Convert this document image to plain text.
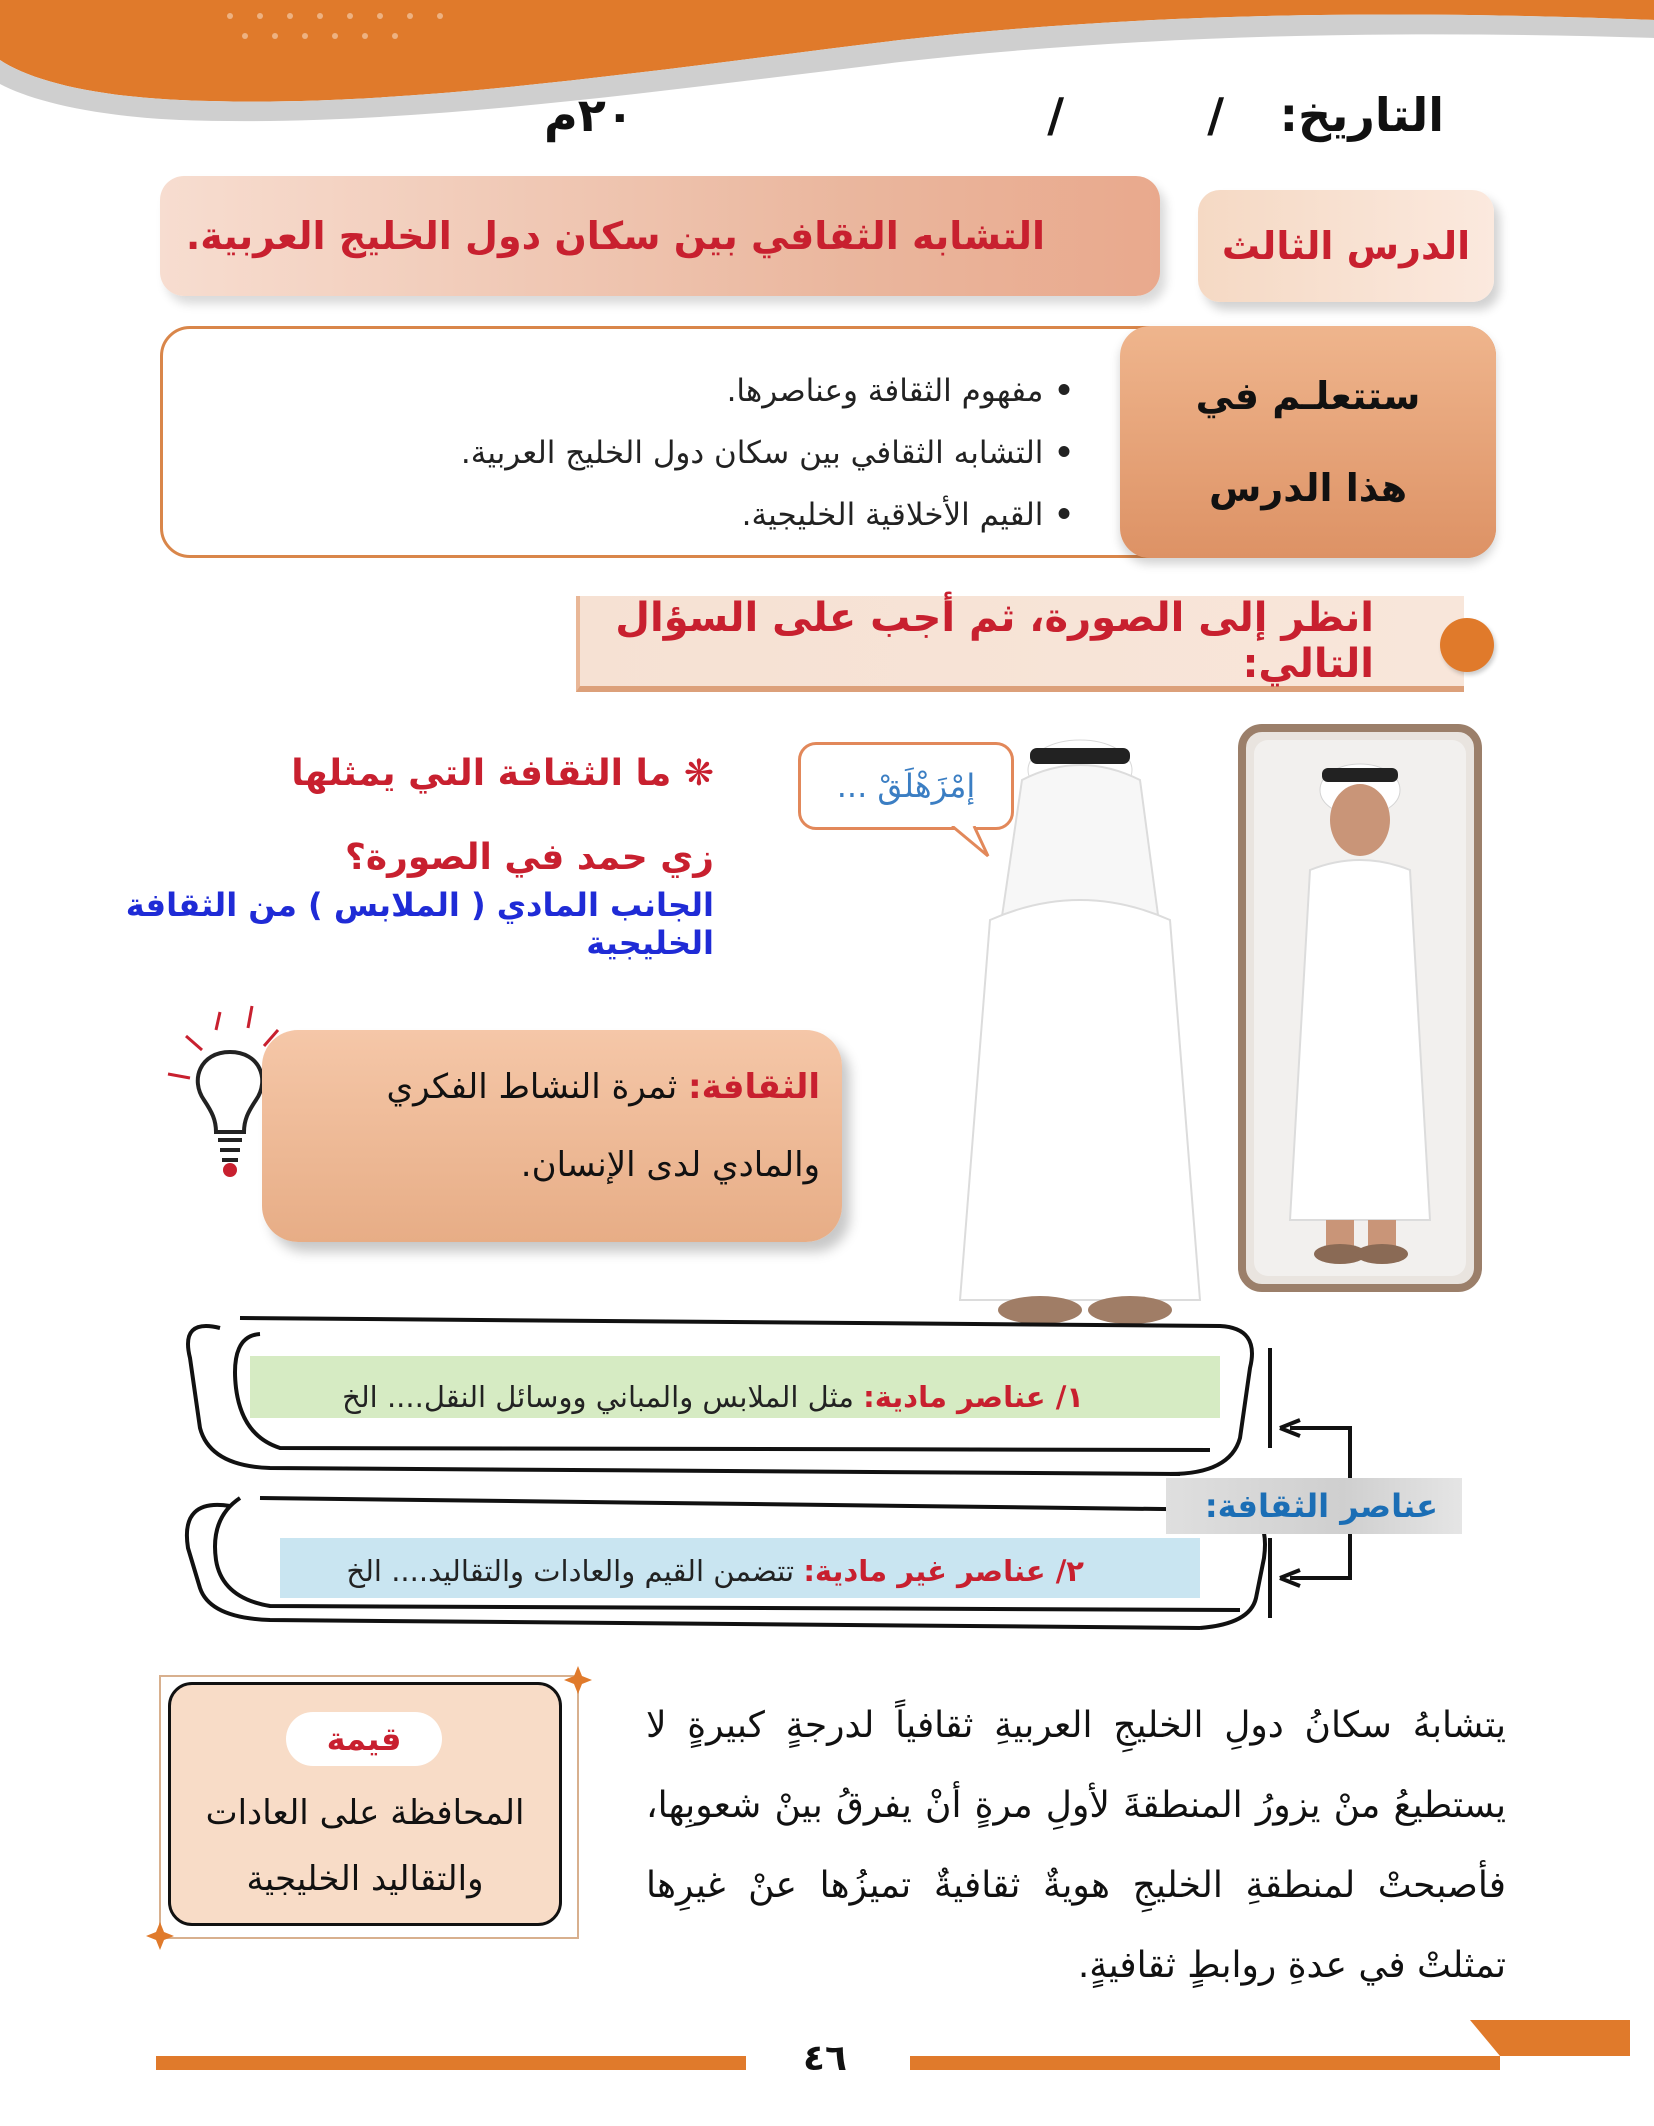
التاريخ:
/
/
٢٠م
الدرس الثالث
التشابه الثقافي بين سكان دول الخليج العربية.
ستتعلـم في
هذا الدرس
• مفهوم الثقافة وعناصرها.
• التشابه الثقافي بين سكان دول الخليج العربية.
• القيم الأخلاقية الخليجية.
انظر إلى الصورة، ثم أجب على السؤال التالي:
❋ ما الثقافة التي يمثلها
زي حمد في الصورة؟
الجانب المادي ( الملابس ) من الثقافة الخليجية
إمْزَهْلَقْ ...
الثقافة: ثمرة النشاط الفكري والمادي لدى الإنسان.
١/ عناصر مادية: مثل الملابس والمباني ووسائل النقل.... الخ
٢/ عناصر غير مادية: تتضمن القيم والعادات والتقاليد.... الخ
عناصر الثقافة:
قيمة
المحافظة على العادات والتقاليد الخليجية
يتشابهُ سكانُ دولِ الخليجِ العربيةِ ثقافياً لدرجةٍ كبيرةٍ لا يستطيعُ منْ يزورُ المنطقةَ لأولِ مرةٍ أنْ يفرقُ بينْ شعوبِها، فأصبحتْ لمنطقةِ الخليجِ هويةٌ ثقافيةٌ تميزُها عنْ غيرِها تمثلتْ في عدةِ روابطٍ ثقافيةٍ.
٤٦
